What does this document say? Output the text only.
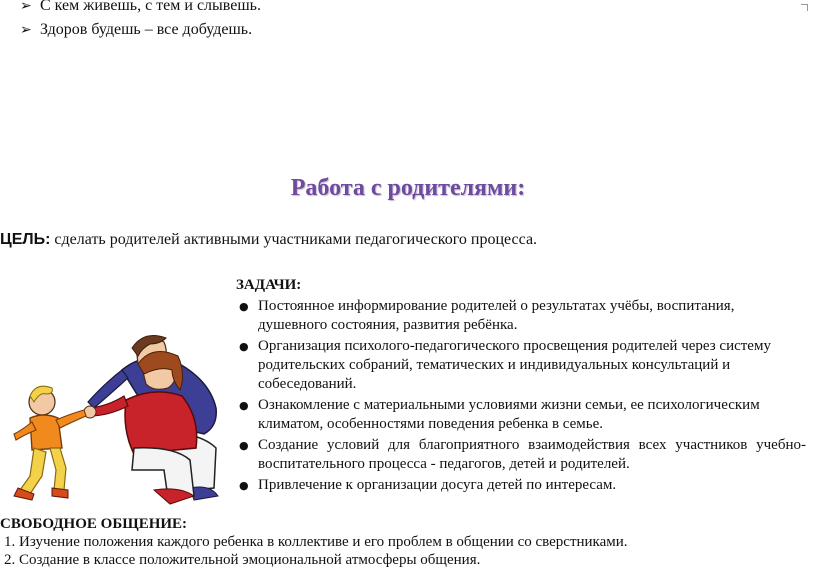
➢ С кем живешь, с тем и слывешь.
➢ Здоров будешь – все добудешь.
Работа с родителями:
ЦЕЛЬ: сделать родителей активными участниками педагогического процесса.
ЗАДАЧИ:
● Постоянное информирование родителей о результатах учёбы, воспитания, душевного состояния, развития ребёнка.
● Организация психолого-педагогического просвещения родителей через систему родительских собраний, тематических и индивидуальных консультаций и собеседований.
● Ознакомление с материальными условиями жизни семьи, ее психологическим климатом, особенностями поведения ребенка в семье.
● Создание условий для благоприятного взаимодействия всех участников учебно-воспитательного процесса - педагогов, детей и родителей.
● Привлечение к организации досуга детей по интересам.
СВОБОДНОЕ ОБЩЕНИЕ:
1. Изучение положения каждого ребенка в коллективе и его проблем в общении со сверстниками.
2. Создание в классе положительной эмоциональной атмосферы общения.
